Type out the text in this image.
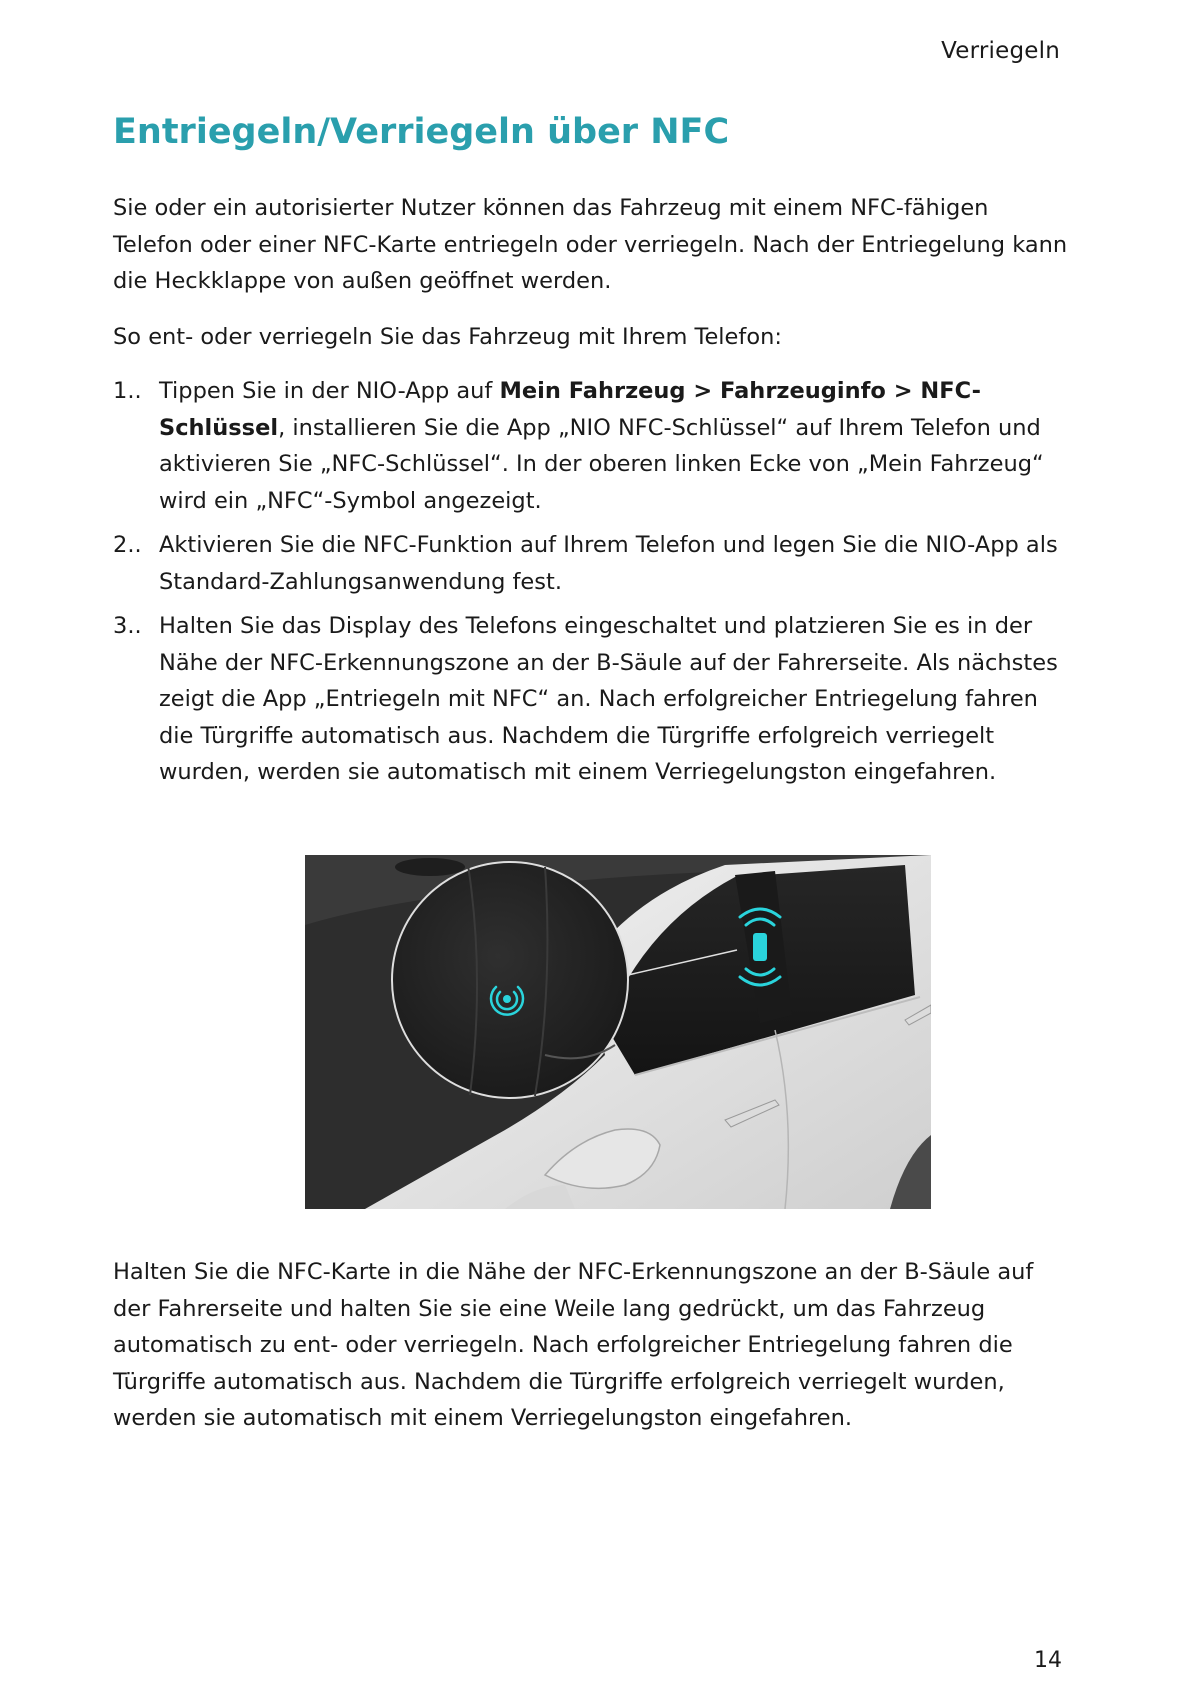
Verriegeln
Entriegeln/Verriegeln über NFC

Sie oder ein autorisierter Nutzer können das Fahrzeug mit einem NFC-fähigen Telefon oder einer NFC-Karte entriegeln oder verriegeln. Nach der Entriegelung kann die Heckklappe von außen geöffnet werden.

So ent- oder verriegeln Sie das Fahrzeug mit Ihrem Telefon:

1.. Tippen Sie in der NIO-App auf Mein Fahrzeug > Fahrzeuginfo > NFC-Schlüssel, installieren Sie die App „NIO NFC-Schlüssel“ auf Ihrem Telefon und aktivieren Sie „NFC-Schlüssel“. In der oberen linken Ecke von „Mein Fahrzeug“ wird ein „NFC“-Symbol angezeigt.
2.. Aktivieren Sie die NFC-Funktion auf Ihrem Telefon und legen Sie die NIO-App als Standard-Zahlungsanwendung fest.
3.. Halten Sie das Display des Telefons eingeschaltet und platzieren Sie es in der Nähe der NFC-Erkennungszone an der B-Säule auf der Fahrerseite. Als nächstes zeigt die App „Entriegeln mit NFC“ an. Nach erfolgreicher Entriegelung fahren die Türgriffe automatisch aus. Nachdem die Türgriffe erfolgreich verriegelt wurden, werden sie automatisch mit einem Verriegelungston eingefahren.

Halten Sie die NFC-Karte in die Nähe der NFC-Erkennungszone an der B-Säule auf der Fahrerseite und halten Sie sie eine Weile lang gedrückt, um das Fahrzeug automatisch zu ent- oder verriegeln. Nach erfolgreicher Entriegelung fahren die Türgriffe automatisch aus. Nachdem die Türgriffe erfolgreich verriegelt wurden, werden sie automatisch mit einem Verriegelungston eingefahren.

14
